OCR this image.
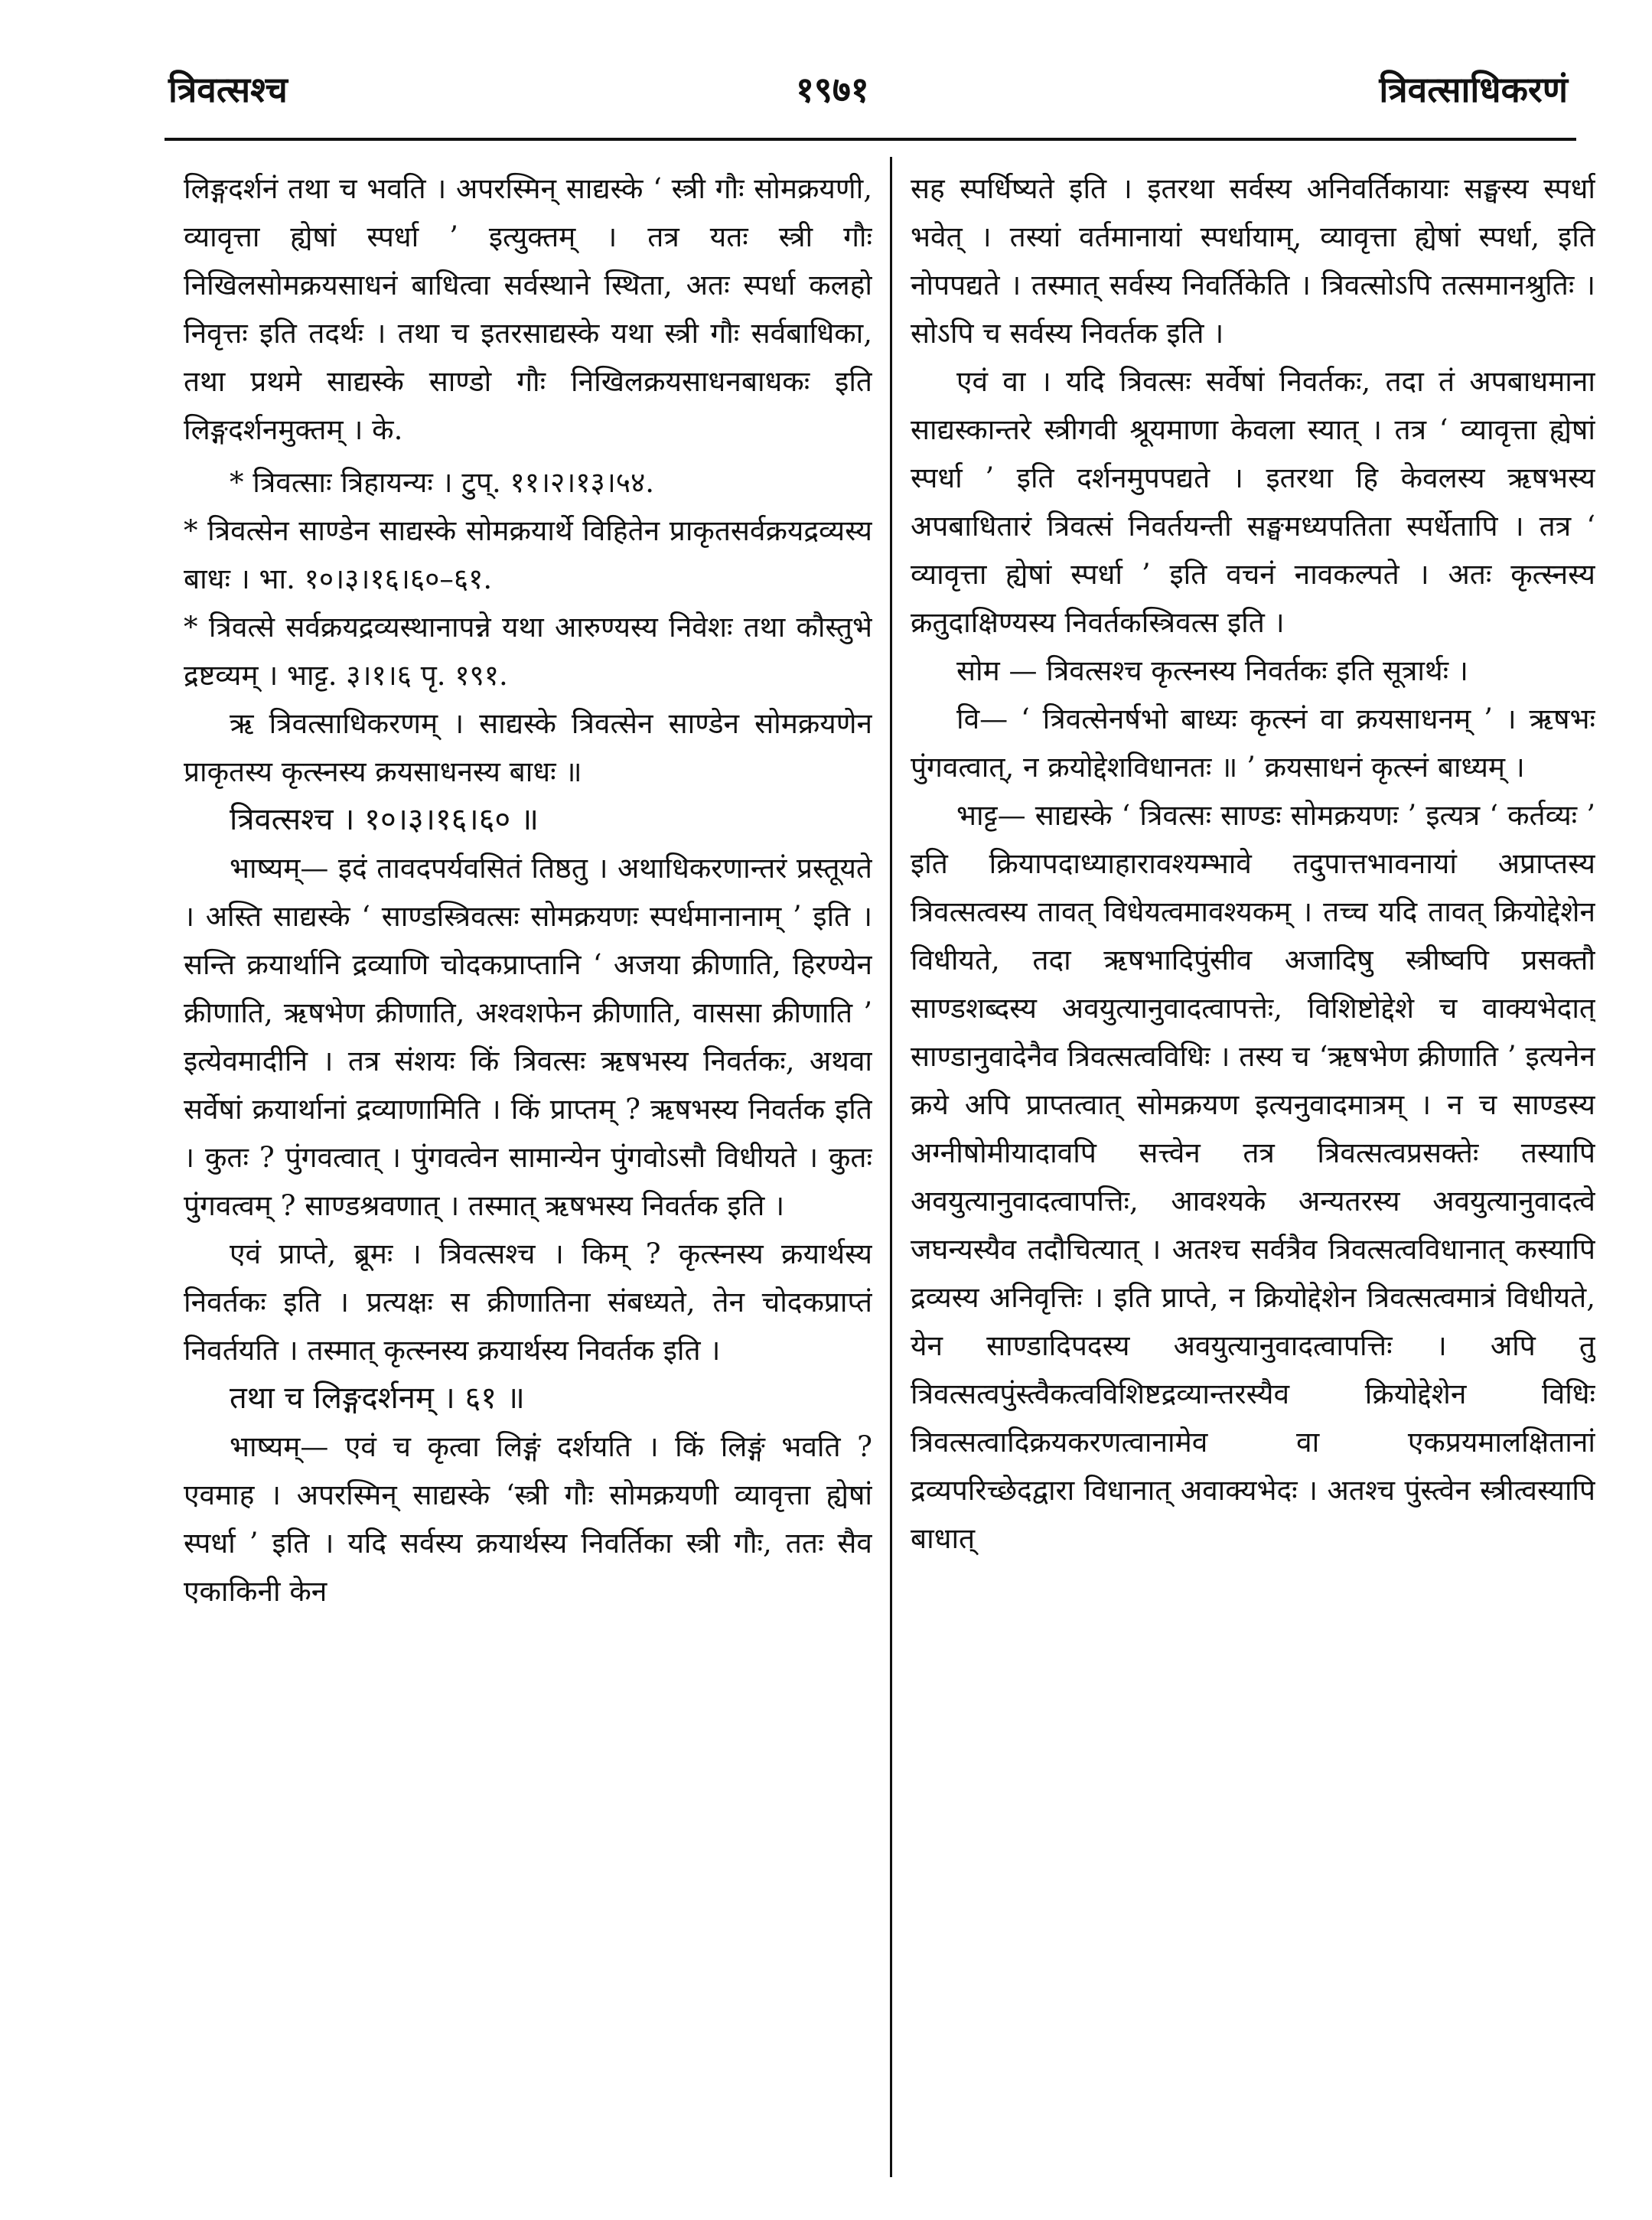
त्रिवत्सश्च	१९७१	त्रिवत्साधिकरणं

लिङ्गदर्शनं तथा च भवति । अपरस्मिन् साद्यस्के ‘ स्त्री गौः सोमक्रयणी, व्यावृत्ता ह्येषां स्पर्धा ’ इत्युक्तम् । तत्र यतः स्त्री गौः निखिलसोमक्रयसाधनं बाधित्वा सर्वस्थाने स्थिता, अतः स्पर्धा कलहो निवृत्तः इति तदर्थः । तथा च इतरसाद्यस्के यथा स्त्री गौः सर्वबाधिका, तथा प्रथमे साद्यस्के साण्डो गौः निखिलक्रयसाधनबाधकः इति लिङ्गदर्शनमुक्तम् । के.

* त्रिवत्साः त्रिहायन्यः । टुप्. ११।२।१३।५४.

* त्रिवत्सेन साण्डेन साद्यस्के सोमक्रयार्थे विहितेन प्राकृतसर्वक्रयद्रव्यस्य बाधः । भा. १०।३।१६।६०–६१.

* त्रिवत्से सर्वक्रयद्रव्यस्थानापन्ने यथा आरुण्यस्य निवेशः तथा कौस्तुभे द्रष्टव्यम् । भाट्ट. ३।१।६ पृ. १९१.

ऋ त्रिवत्साधिकरणम् । साद्यस्के त्रिवत्सेन साण्डेन सोमक्रयणेन प्राकृतस्य कृत्स्नस्य क्रयसाधनस्य बाधः ॥

त्रिवत्सश्च । १०।३।१६।६० ॥

भाष्यम्— इदं तावदपर्यवसितं तिष्ठतु । अथाधिकरणान्तरं प्रस्तूयते । अस्ति साद्यस्के ‘ साण्डस्त्रिवत्सः सोमक्रयणः स्पर्धमानानाम् ’ इति । सन्ति क्रयार्थानि द्रव्याणि चोदकप्राप्तानि ‘ अजया क्रीणाति, हिरण्येन क्रीणाति, ऋषभेण क्रीणाति, अश्वशफेन क्रीणाति, वाससा क्रीणाति ’ इत्येवमादीनि । तत्र संशयः किं त्रिवत्सः ऋषभस्य निवर्तकः, अथवा सर्वेषां क्रयार्थानां द्रव्याणामिति । किं प्राप्तम् ? ऋषभस्य निवर्तक इति । कुतः ? पुंगवत्वात् । पुंगवत्वेन सामान्येन पुंगवोऽसौ विधीयते । कुतः पुंगवत्वम् ? साण्डश्रवणात् । तस्मात् ऋषभस्य निवर्तक इति ।

एवं प्राप्ते, ब्रूमः । त्रिवत्सश्च । किम् ? कृत्स्नस्य क्रयार्थस्य निवर्तकः इति । प्रत्यक्षः स क्रीणातिना संबध्यते, तेन चोदकप्राप्तं निवर्तयति । तस्मात् कृत्स्नस्य क्रयार्थस्य निवर्तक इति ।

तथा च लिङ्गदर्शनम् । ६१ ॥

भाष्यम्— एवं च कृत्वा लिङ्गं दर्शयति । किं लिङ्गं भवति ? एवमाह । अपरस्मिन् साद्यस्के ‘स्त्री गौः सोमक्रयणी व्यावृत्ता ह्येषां स्पर्धा ’ इति । यदि सर्वस्य क्रयार्थस्य निवर्तिका स्त्री गौः, ततः सैव एकाकिनी केन

सह स्पर्धिष्यते इति । इतरथा सर्वस्य अनिवर्तिकायाः सङ्घस्य स्पर्धा भवेत् । तस्यां वर्तमानायां स्पर्धायाम्, व्यावृत्ता ह्येषां स्पर्धा, इति नोपपद्यते । तस्मात् सर्वस्य निवर्तिकेति । त्रिवत्सोऽपि तत्समानश्रुतिः । सोऽपि च सर्वस्य निवर्तक इति ।

एवं वा । यदि त्रिवत्सः सर्वेषां निवर्तकः, तदा तं अपबाधमाना साद्यस्कान्तरे स्त्रीगवी श्रूयमाणा केवला स्यात् । तत्र ‘ व्यावृत्ता ह्येषां स्पर्धा ’ इति दर्शनमुपपद्यते । इतरथा हि केवलस्य ऋषभस्य अपबाधितारं त्रिवत्सं निवर्तयन्ती सङ्घमध्यपतिता स्पर्धेतापि । तत्र ‘ व्यावृत्ता ह्येषां स्पर्धा ’ इति वचनं नावकल्पते । अतः कृत्स्नस्य क्रतुदाक्षिण्यस्य निवर्तकस्त्रिवत्स इति ।

सोम — त्रिवत्सश्च कृत्स्नस्य निवर्तकः इति सूत्रार्थः ।

वि— ‘ त्रिवत्सेनर्षभो बाध्यः कृत्स्नं वा क्रयसाधनम् ’ । ऋषभः पुंगवत्वात्, न क्रयोद्देशविधानतः ॥ ’ क्रयसाधनं कृत्स्नं बाध्यम् ।

भाट्ट— साद्यस्के ‘ त्रिवत्सः साण्डः सोमक्रयणः ’ इत्यत्र ‘ कर्तव्यः ’ इति क्रियापदाध्याहारावश्यम्भावे तदुपात्तभावनायां अप्राप्तस्य त्रिवत्सत्वस्य तावत् विधेयत्वमावश्यकम् । तच्च यदि तावत् क्रियोद्देशेन विधीयते, तदा ऋषभादिपुंसीव अजादिषु स्त्रीष्वपि प्रसक्तौ साण्डशब्दस्य अवयुत्यानुवादत्वापत्तेः, विशिष्टोद्देशे च वाक्यभेदात् साण्डानुवादेनैव त्रिवत्सत्वविधिः । तस्य च ‘ऋषभेण क्रीणाति ’ इत्यनेन क्रये अपि प्राप्तत्वात् सोमक्रयण इत्यनुवादमात्रम् । न च साण्डस्य अग्नीषोमीयादावपि सत्त्वेन तत्र त्रिवत्सत्वप्रसक्तेः तस्यापि अवयुत्यानुवादत्वापत्तिः, आवश्यके अन्यतरस्य अवयुत्यानुवादत्वे जघन्यस्यैव तदौचित्यात् । अतश्च सर्वत्रैव त्रिवत्सत्वविधानात् कस्यापि द्रव्यस्य अनिवृत्तिः । इति प्राप्ते, न क्रियोद्देशेन त्रिवत्सत्वमात्रं विधीयते, येन साण्डादिपदस्य अवयुत्यानुवादत्वापत्तिः । अपि तु त्रिवत्सत्वपुंस्त्वैकत्वविशिष्टद्रव्यान्तरस्यैव क्रियोद्देशेन विधिः त्रिवत्सत्वादिक्रयकरणत्वानामेव वा एकप्रयमालक्षितानां द्रव्यपरिच्छेदद्वारा विधानात् अवाक्यभेदः । अतश्च पुंस्त्वेन स्त्रीत्वस्यापि बाधात्
